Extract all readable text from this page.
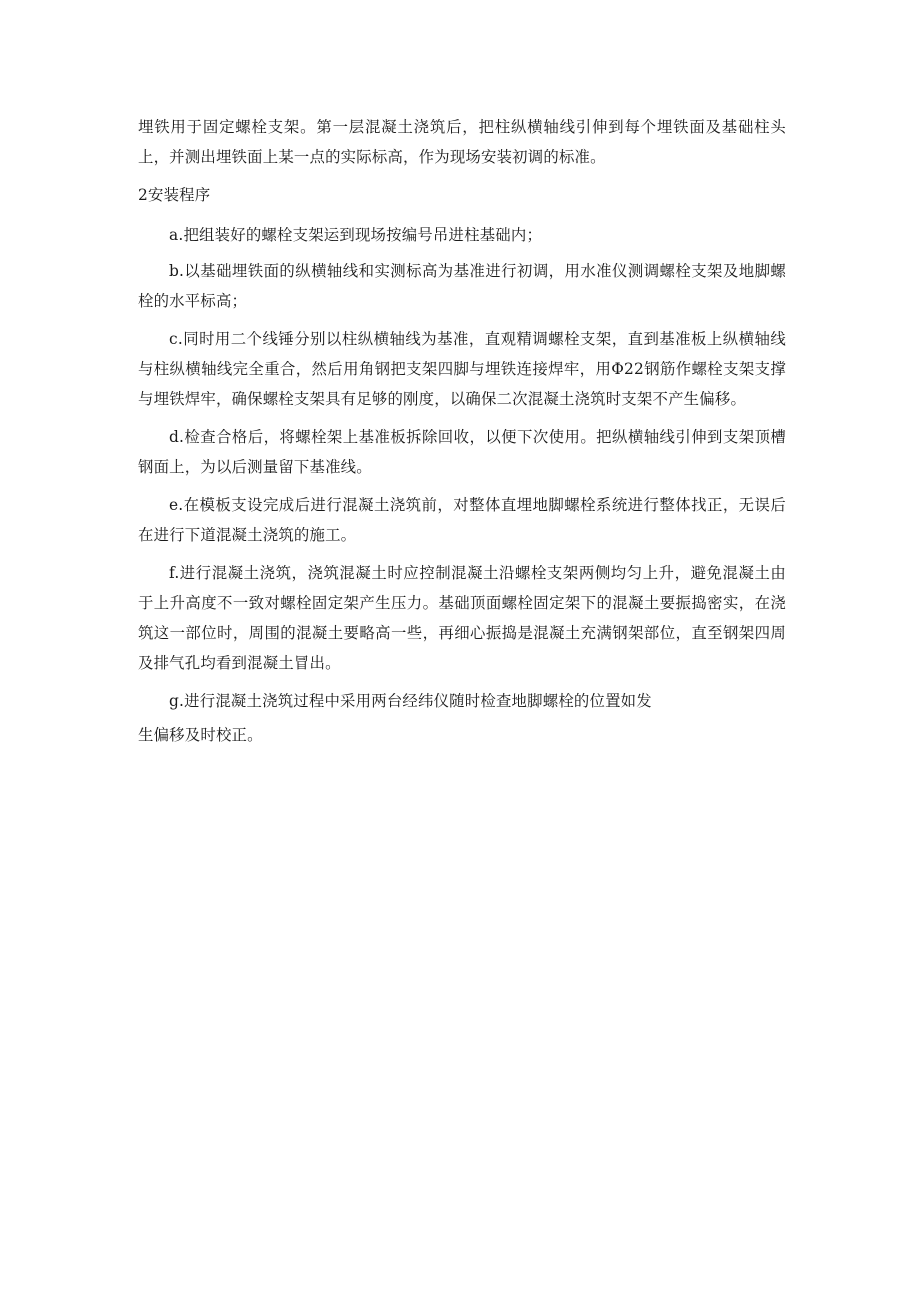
埋铁用于固定螺栓支架。第一层混凝土浇筑后，把柱纵横轴线引伸到每个埋铁面及基础柱头上，并测出埋铁面上某一点的实际标高，作为现场安装初调的标准。

2安装程序

a.把组装好的螺栓支架运到现场按编号吊进柱基础内；

b.以基础埋铁面的纵横轴线和实测标高为基准进行初调，用水准仪测调螺栓支架及地脚螺栓的水平标高；

c.同时用二个线锤分别以柱纵横轴线为基准，直观精调螺栓支架，直到基准板上纵横轴线与柱纵横轴线完全重合，然后用角钢把支架四脚与埋铁连接焊牢，用Φ22钢筋作螺栓支架支撑与埋铁焊牢，确保螺栓支架具有足够的刚度，以确保二次混凝土浇筑时支架不产生偏移。

d.检查合格后，将螺栓架上基准板拆除回收，以便下次使用。把纵横轴线引伸到支架顶槽钢面上，为以后测量留下基准线。

e.在模板支设完成后进行混凝土浇筑前，对整体直埋地脚螺栓系统进行整体找正，无误后在进行下道混凝土浇筑的施工。

f.进行混凝土浇筑，浇筑混凝土时应控制混凝土沿螺栓支架两侧均匀上升，避免混凝土由于上升高度不一致对螺栓固定架产生压力。基础顶面螺栓固定架下的混凝土要振捣密实，在浇筑这一部位时，周围的混凝土要略高一些，再细心振捣是混凝土充满钢架部位，直至钢架四周及排气孔均看到混凝土冒出。

g.进行混凝土浇筑过程中采用两台经纬仪随时检查地脚螺栓的位置如发

生偏移及时校正。
